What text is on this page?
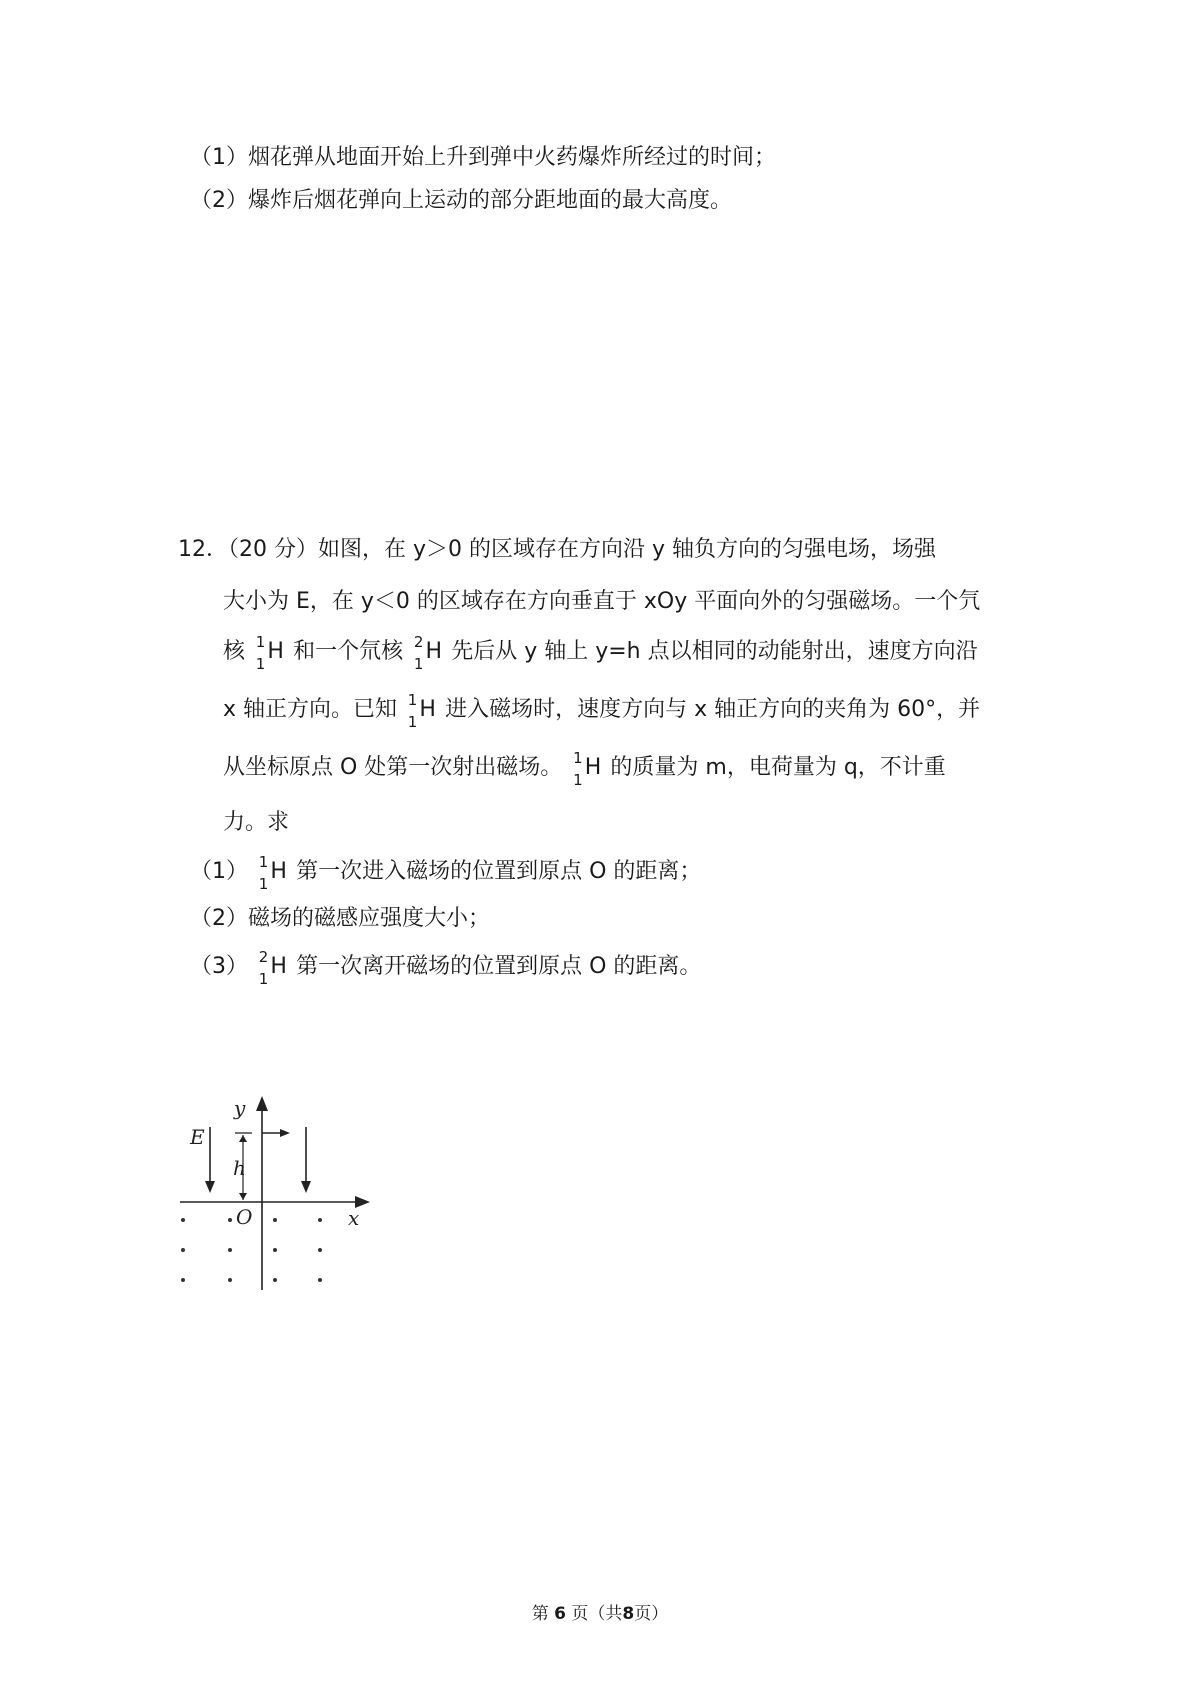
（1）烟花弹从地面开始上升到弹中火药爆炸所经过的时间；
（2）爆炸后烟花弹向上运动的部分距地面的最大高度。
12．（20 分）如图，在 y＞0 的区域存在方向沿 y 轴负方向的匀强电场，场强
大小为 E，在 y＜0 的区域存在方向垂直于 xOy 平面向外的匀强磁场。一个氕
核 1
1 H 和一个氘核 2
1 H 先后从 y 轴上 y=h 点以相同的动能射出，速度方向沿
x 轴正方向。已知 1
1 H 进入磁场时，速度方向与 x 轴正方向的夹角为 60°，并
从坐标原点 O 处第一次射出磁场。 1
1 H 的质量为 m，电荷量为 q，不计重
力。求
（1） 1
1 H 第一次进入磁场的位置到原点 O 的距离；
（2）磁场的磁感应强度大小；
（3） 2
1 H 第一次离开磁场的位置到原点 O 的距离。
y
x
E
h
O
第 6 页（共8页）
